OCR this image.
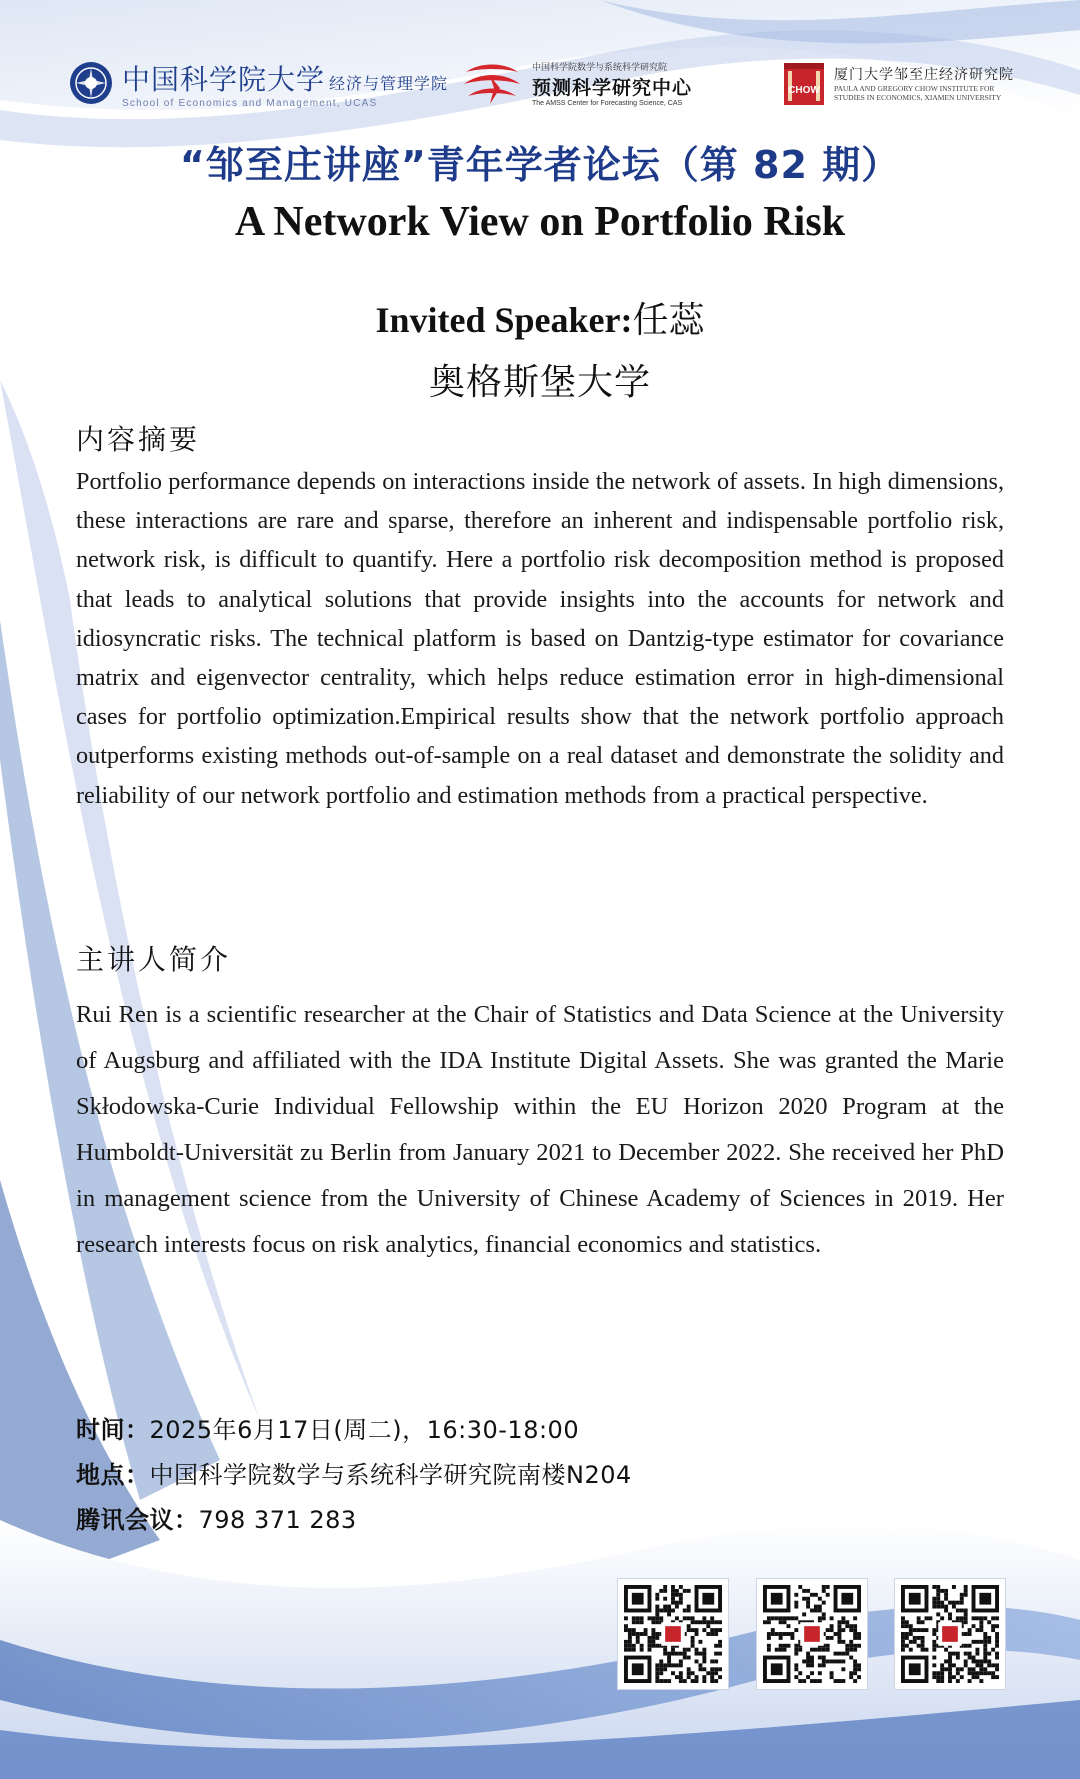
中国科学院大学 经济与管理学院
School of Economics and Management, UCAS
中国科学院数学与系统科学研究院
预测科学研究中心
The AMSS Center for Forecasting Science, CAS
CHOW
厦门大学邹至庄经济研究院
PAULA AND GREGORY CHOW INSTITUTE FOR
STUDIES IN ECONOMICS, XIAMEN UNIVERSITY
“邹至庄讲座”青年学者论坛（第 82 期）
A Network View on Portfolio Risk
Invited Speaker:任蕊
奥格斯堡大学
内容摘要
Portfolio performance depends on interactions inside the network of assets. In high dimensions, these interactions are rare and sparse, therefore an inherent and indispensable portfolio risk, network risk, is difficult to quantify. Here a portfolio risk decomposition method is proposed that leads to analytical solutions that provide insights into the accounts for network and idiosyncratic risks. The technical platform is based on Dantzig-type estimator for covariance matrix and eigenvector centrality, which helps reduce estimation error in high-dimensional cases for portfolio optimization.Empirical results show that the network portfolio approach outperforms existing methods out-of-sample on a real dataset and demonstrate the solidity and reliability of our network portfolio and estimation methods from a practical perspective.
主讲人简介
Rui Ren is a scientific researcher at the Chair of Statistics and Data Science at the University of Augsburg and affiliated with the IDA Institute Digital Assets. She was granted the Marie Skłodowska-Curie Individual Fellowship within the EU Horizon 2020 Program at the Humboldt-Universität zu Berlin from January 2021 to December 2022. She received her PhD in management science from the University of Chinese Academy of Sciences in 2019. Her research interests focus on risk analytics, financial economics and statistics.
时间：2025年6月17日(周二)，16:30-18:00
地点：中国科学院数学与系统科学研究院南楼N204
腾讯会议：798 371 283
